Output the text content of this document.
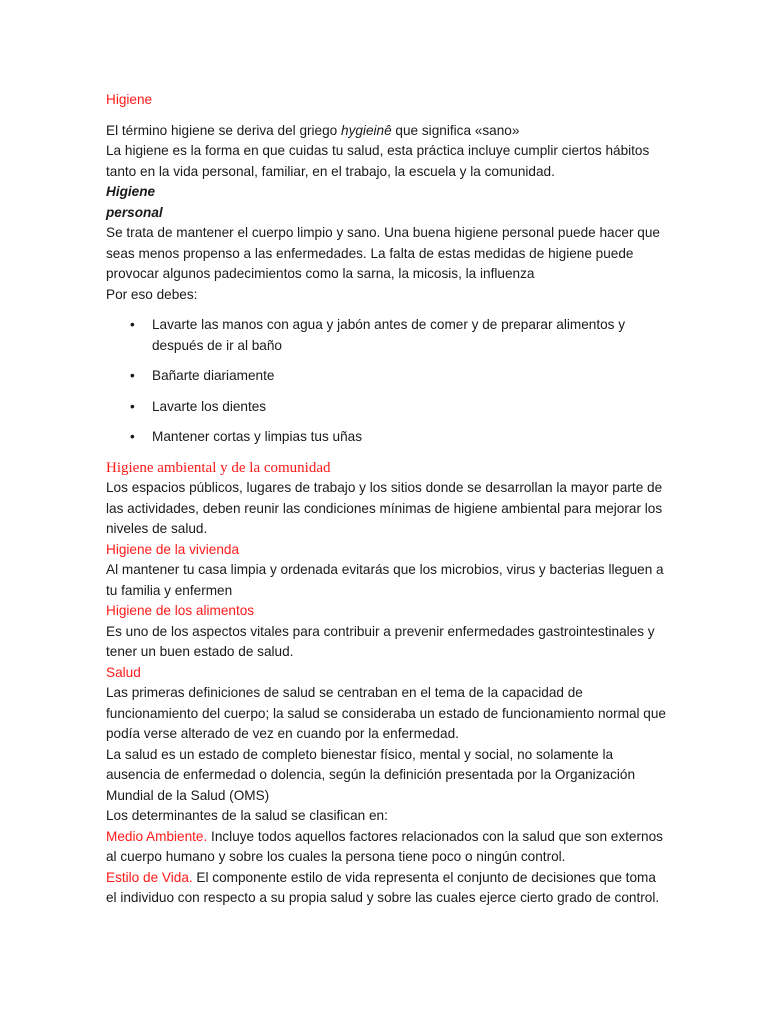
Higiene

El término higiene se deriva del griego hygieinê que significa «sano»

La higiene es la forma en que cuidas tu salud, esta práctica incluye cumplir ciertos hábitos tanto en la vida personal, familiar, en el trabajo, la escuela y la comunidad.

Higiene

personal

Se trata de mantener el cuerpo limpio y sano. Una buena higiene personal puede hacer que seas menos propenso a las enfermedades. La falta de estas medidas de higiene puede provocar algunos padecimientos como la sarna, la micosis, la influenza

Por eso debes:

• Lavarte las manos con agua y jabón antes de comer y de preparar alimentos y después de ir al baño
• Bañarte diariamente
• Lavarte los dientes
• Mantener cortas y limpias tus uñas

Higiene ambiental y de la comunidad

Los espacios públicos, lugares de trabajo y los sitios donde se desarrollan la mayor parte de las actividades, deben reunir las condiciones mínimas de higiene ambiental para mejorar los niveles de salud.

Higiene de la vivienda

Al mantener tu casa limpia y ordenada evitarás que los microbios, virus y bacterias lleguen a tu familia y enfermen

Higiene de los alimentos

Es uno de los aspectos vitales para contribuir a prevenir enfermedades gastrointestinales y tener un buen estado de salud.

Salud

Las primeras definiciones de salud se centraban en el tema de la capacidad de funcionamiento del cuerpo; la salud se consideraba un estado de funcionamiento normal que podía verse alterado de vez en cuando por la enfermedad.

La salud es un estado de completo bienestar físico, mental y social, no solamente la ausencia de enfermedad o dolencia, según la definición presentada por la Organización Mundial de la Salud (OMS)

Los determinantes de la salud se clasifican en:

Medio Ambiente. Incluye todos aquellos factores relacionados con la salud que son externos al cuerpo humano y sobre los cuales la persona tiene poco o ningún control.

Estilo de Vida. El componente estilo de vida representa el conjunto de decisiones que toma el individuo con respecto a su propia salud y sobre las cuales ejerce cierto grado de control.
